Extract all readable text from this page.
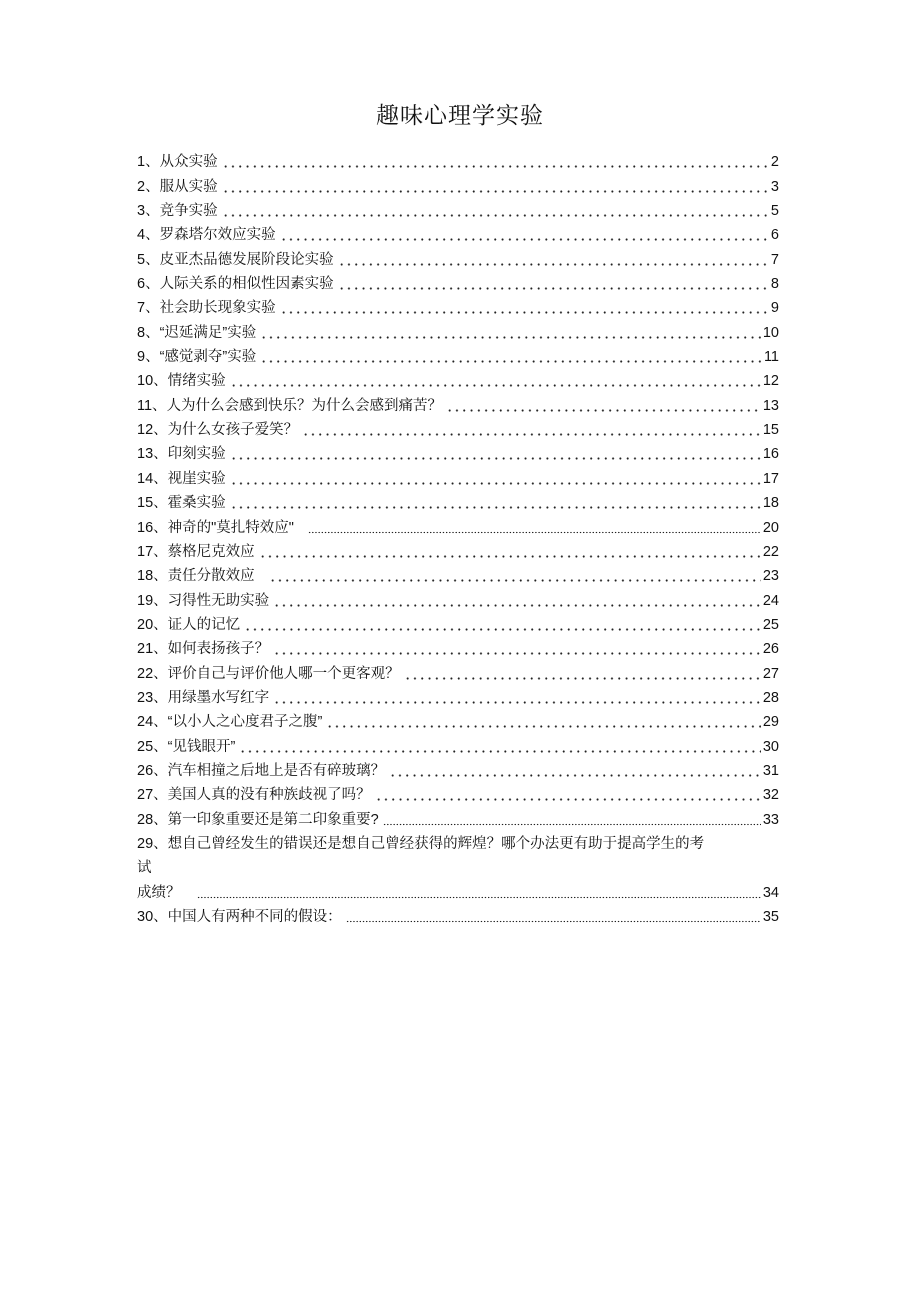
趣味心理学实验
1、 从众实验	2
2、 服从实验	3
3、 竞争实验	5
4、 罗森塔尔效应实验	6
5、 皮亚杰品德发展阶段论实验	7
6、 人际关系的相似性因素实验	8
7、 社会助长现象实验	9
8、 “迟延满足”实验	10
9、 “感觉剥夺”实验	11
10、 情绪实验	12
11、 人为什么会感到快乐？为什么会感到痛苦？	13
12、 为什么女孩子爱笑？	15
13、 印刻实验	16
14、 视崖实验	17
15、 霍桑实验	18
16、 神奇的"莫扎特效应"	20
17、 蔡格尼克效应	22
18、 责任分散效应	23
19、 习得性无助实验	24
20、 证人的记忆	25
21、 如何表扬孩子？	26
22、 评价自己与评价他人哪一个更客观？	27
23、 用绿墨水写红字	28
24、 “以小人之心度君子之腹”	29
25、 “见钱眼开”	30
26、 汽车相撞之后地上是否有碎玻璃？	31
27、 美国人真的没有种族歧视了吗？	32
28、 第一印象重要还是第二印象重要?	33
29、 想自己曾经发生的错误还是想自己曾经获得的辉煌？哪个办法更有助于提高学生的考
试
成绩？	34
30、 中国人有两种不同的假设：	35
